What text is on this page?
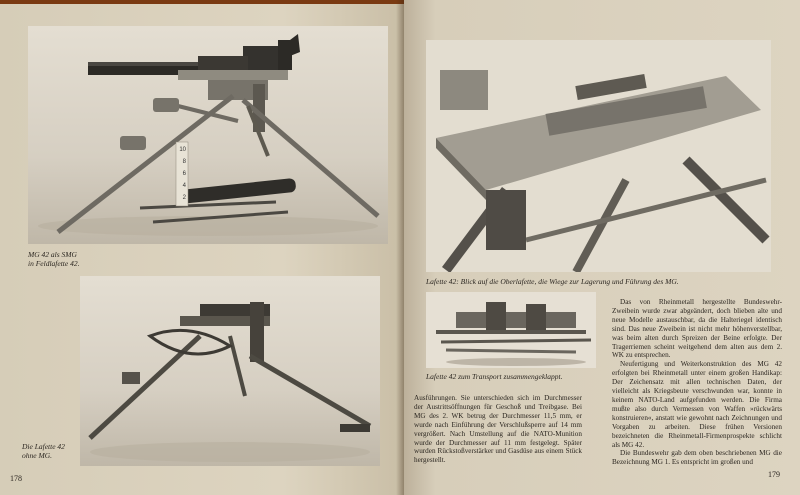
10
8
6
4
2
MG 42 als SMG
in Feldlafette 42.
Die Lafette 42
ohne MG.
178

Lafette 42: Blick auf die Oberlafette, die Wiege zur Lagerung und Führung des MG.

Lafette 42 zum Transport zusammengeklappt.

Das von Rheinmetall hergestellte Bundeswehr-Zweibein wurde zwar abgeändert, doch blieben alte und neue Modelle austauschbar, da die Halteriegel identisch sind. Das neue Zweibein ist nicht mehr höhenverstellbar, was beim alten durch Spreizen der Beine erfolgte. Der Tragerriemen scheint weitgehend dem alten aus dem 2. WK zu entsprechen.

Neufertigung und Weiterkonstruktion des MG 42 erfolgten bei Rheinmetall unter einem großen Handikap: Der Zeichensatz mit allen technischen Daten, der vielleicht als Kriegsbeute verschwunden war, konnte in keinem NATO-Land aufgefunden werden. Die Firma mußte also durch Vermessen von Waffen »rückwärts konstruieren«, anstatt wie gewohnt nach Zeichnungen und Vorgaben zu arbeiten. Diese frühen Versionen bezeichneten die Rheinmetall-Firmenprospekte schlicht als MG 42.

Die Bundeswehr gab dem oben beschriebenen MG die Bezeichnung MG 1. Es entspricht im großen und

179

Ausführungen. Sie unterschieden sich im Durchmesser der Austrittsöffnungen für Geschoß und Treibgase. Bei MG des 2. WK betrug der Durchmesser 11,5 mm, er wurde nach Einführung der Verschlußsperre auf 14 mm vergrößert. Nach Umstellung auf die NATO-Munition wurde der Durchmesser auf 11 mm festgelegt. Später wurden Rückstoßverstärker und Gasdüse aus einem Stück hergestellt.
